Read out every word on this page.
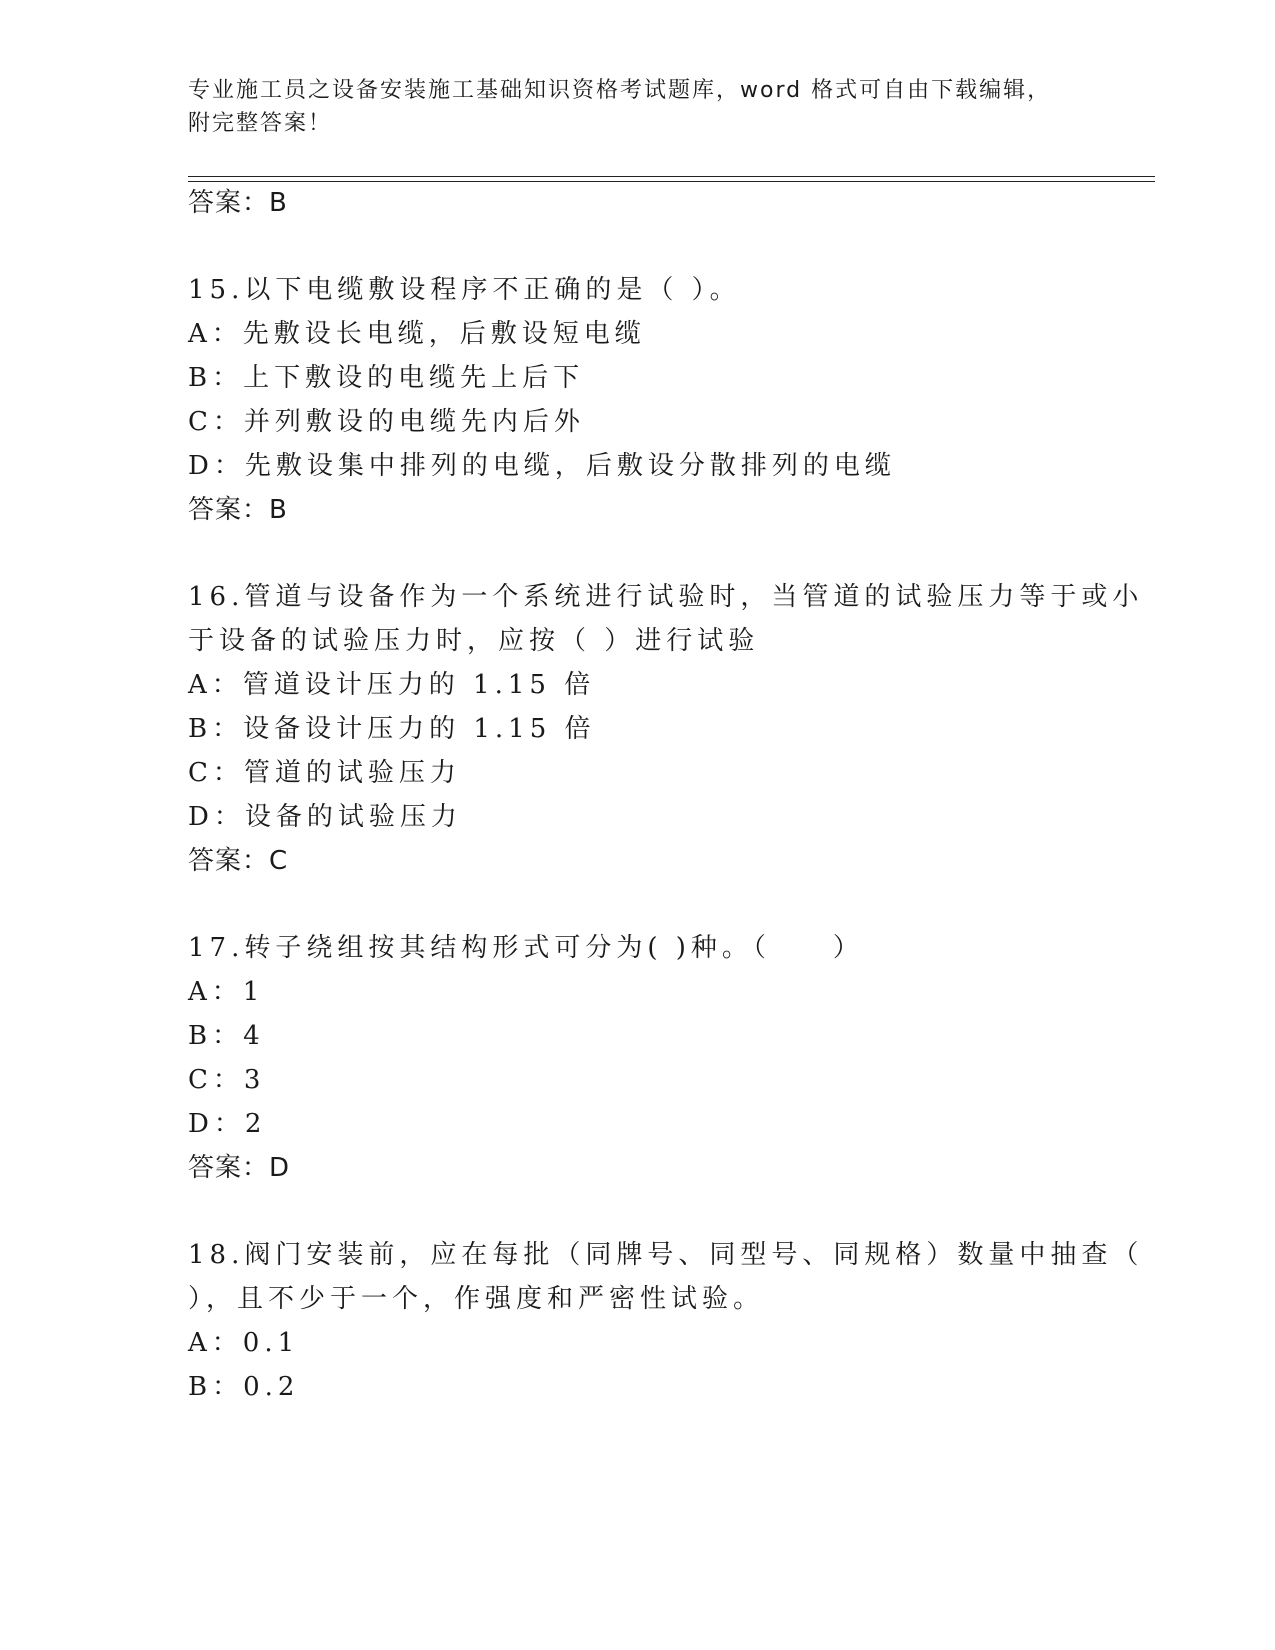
专业施工员之设备安装施工基础知识资格考试题库，word 格式可自由下载编辑，
附完整答案！
答案：B
15.以下电缆敷设程序不正确的是（ ）。
A：先敷设长电缆，后敷设短电缆
B：上下敷设的电缆先上后下
C：并列敷设的电缆先内后外
D：先敷设集中排列的电缆，后敷设分散排列的电缆
答案：B
16.管道与设备作为一个系统进行试验时，当管道的试验压力等于或小
于设备的试验压力时，应按（ ）进行试验
A：管道设计压力的 1.15 倍
B：设备设计压力的 1.15 倍
C：管道的试验压力
D：设备的试验压力
答案：C
17.转子绕组按其结构形式可分为( )种。（　　）
A：1
B：4
C：3
D：2
答案：D
18.阀门安装前，应在每批（同牌号、同型号、同规格）数量中抽查（
），且不少于一个，作强度和严密性试验。
A：0.1
B：0.2
